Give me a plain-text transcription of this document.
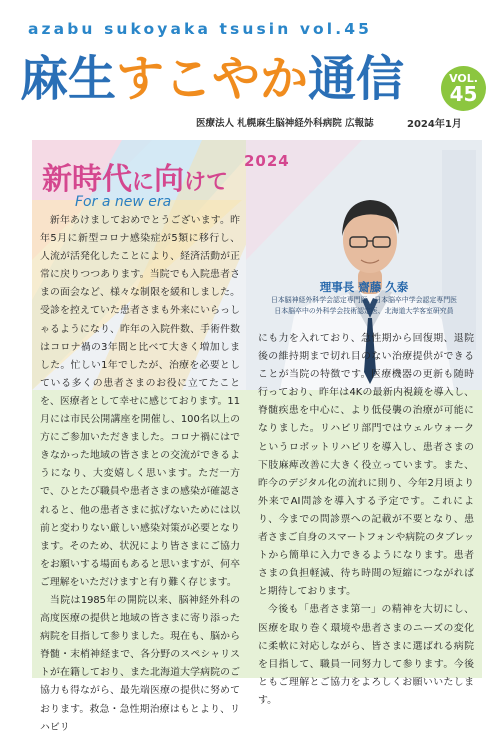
azabu sukoyaka tsusin vol.45
麻生すこやか通信	VOL.
45
医療法人 札幌麻生脳神経外科病院 広報誌	2024年1月
新時代に向けて
2024
For a new era
理事長 齋藤 久泰
日本脳神経外科学会認定専門医、日本脳卒中学会認定専門医
日本脳卒中の外科学会技術認定医、北海道大学客室研究員

新年あけましておめでとうございます。昨年5月に新型コロナ感染症が5類に移行し、人流が活発化したことにより、経済活動が正常に戻りつつあります。当院でも入院患者さまの面会など、様々な制限を緩和しました。受診を控えていた患者さまも外来にいらっしゃるようになり、昨年の入院件数、手術件数はコロナ禍の3年間と比べて大きく増加しました。忙しい1年でしたが、治療を必要としている多くの患者さまのお役に立てたことを、医療者として幸せに感じております。11月には市民公開講座を開催し、100名以上の方にご参加いただきました。コロナ禍にはできなかった地域の皆さまとの交流ができるようになり、大変嬉しく思います。ただ一方で、ひとたび職員や患者さまの感染が確認されると、他の患者さまに拡げないためには以前と変わりない厳しい感染対策が必要となります。そのため、状況により皆さまにご協力をお願いする場面もあると思いますが、何卒ご理解をいただけますと有り難く存じます。

当院は1985年の開院以来、脳神経外科の高度医療の提供と地域の皆さまに寄り添った病院を目指して参りました。現在も、脳から脊髄・末梢神経まで、各分野のスペシャリストが在籍しており、また北海道大学病院のご協力も得ながら、最先端医療の提供に努めております。救急・急性期治療はもとより、リハビリ

にも力を入れており、急性期から回復期、退院後の維持期まで切れ目のない治療提供ができることが当院の特徴です。医療機器の更新も随時行っており、昨年は4Kの最新内視鏡を導入し、脊髄疾患を中心に、より低侵襲の治療が可能になりました。リハビリ部門ではウェルウォークというロボットリハビリを導入し、患者さまの下肢麻痺改善に大きく役立っています。また、昨今のデジタル化の流れに則り、今年2月頃より外来でAI問診を導入する予定です。これにより、今までの問診票への記載が不要となり、患者さまご自身のスマートフォンや病院のタブレットから簡単に入力できるようになります。患者さまの負担軽減、待ち時間の短縮につながればと期待しております。

今後も「患者さま第一」の精神を大切にし、医療を取り巻く環境や患者さまのニーズの変化に柔軟に対応しながら、皆さまに選ばれる病院を目指して、職員一同努力して参ります。今後ともご理解とご協力をよろしくお願いいたします。
